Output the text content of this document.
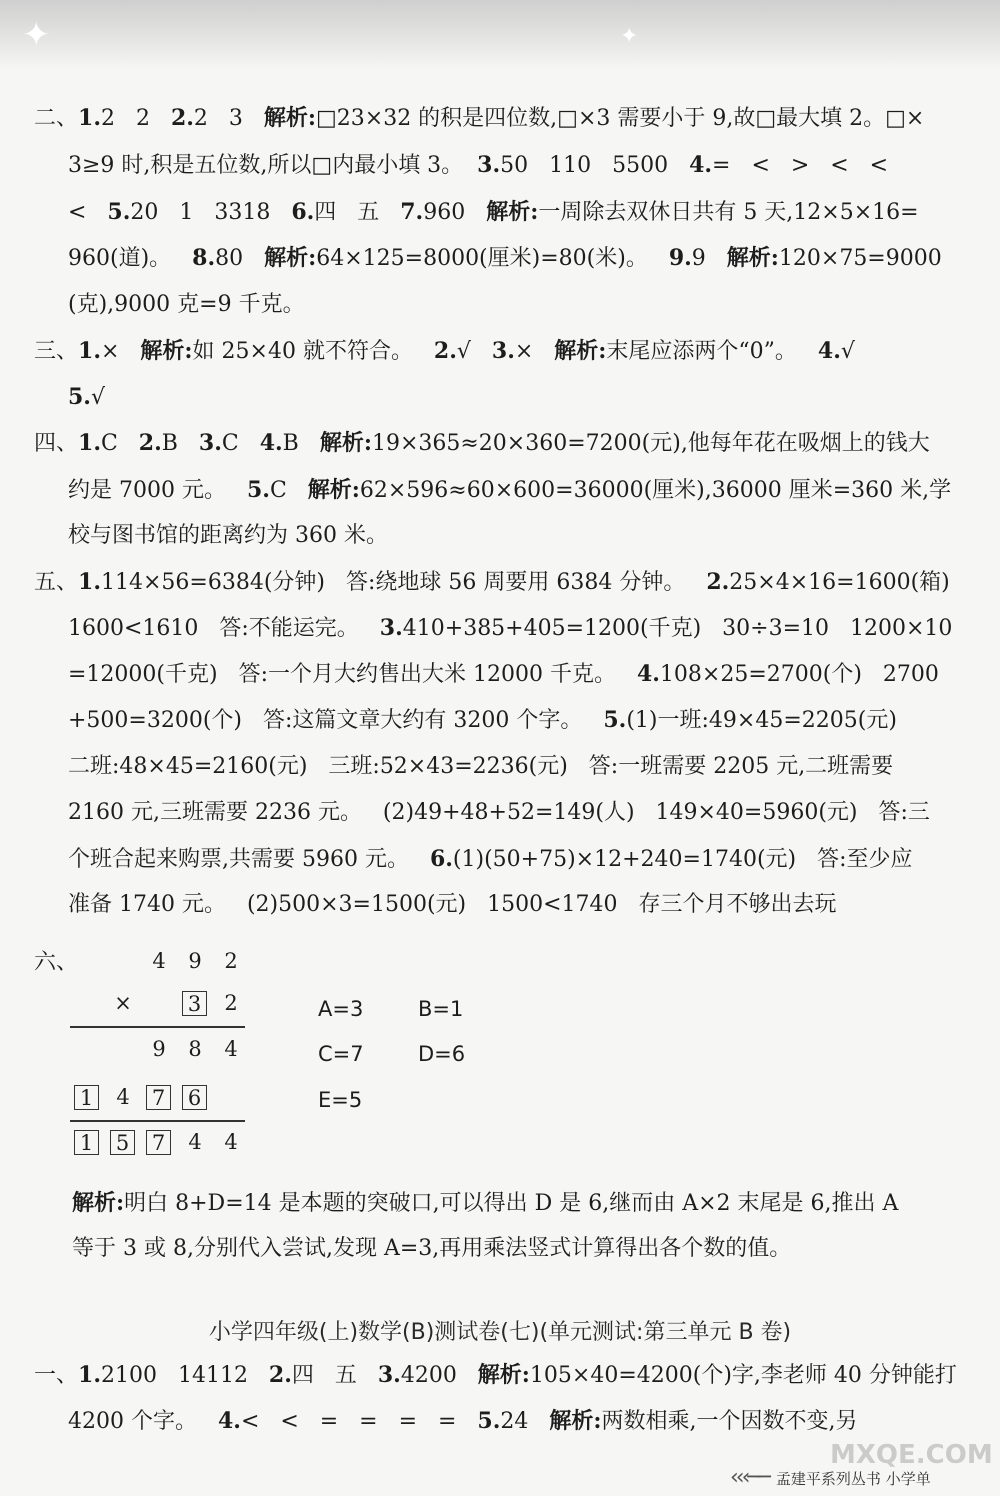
✦	✦
二、1.2   2   2.2   3   解析:□23×32 的积是四位数,□×3 需要小于 9,故□最大填 2。□×
3≥9 时,积是五位数,所以□内最小填 3。  3.50   110   5500   4.=   <   >   <   <
<   5.20   1   3318   6.四   五   7.960   解析:一周除去双休日共有 5 天,12×5×16=
960(道)。   8.80   解析:64×125=8000(厘米)=80(米)。   9.9   解析:120×75=9000
(克),9000 克=9 千克。
三、1.×   解析:如 25×40 就不符合。   2.√   3.×   解析:末尾应添两个“0”。   4.√
5.√
四、1.C   2.B   3.C   4.B   解析:19×365≈20×360=7200(元),他每年花在吸烟上的钱大
约是 7000 元。   5.C   解析:62×596≈60×600=36000(厘米),36000 厘米=360 米,学
校与图书馆的距离约为 360 米。
五、1.114×56=6384(分钟)   答:绕地球 56 周要用 6384 分钟。   2.25×4×16=1600(箱)
1600<1610   答:不能运完。   3.410+385+405=1200(千克)   30÷3=10   1200×10
=12000(千克)   答:一个月大约售出大米 12000 千克。   4.108×25=2700(个)   2700
+500=3200(个)   答:这篇文章大约有 3200 个字。   5.(1)一班:49×45=2205(元)
二班:48×45=2160(元)   三班:52×43=2236(元)   答:一班需要 2205 元,二班需要
2160 元,三班需要 2236 元。   (2)49+48+52=149(人)   149×40=5960(元)   答:三
个班合起来购票,共需要 5960 元。   6.(1)(50+75)×12+240=1740(元)   答:至少应
准备 1740 元。   (2)500×3=1500(元)   1500<1740   存三个月不够出去玩
六、	4	9	2
×	3	2
9	8	4
1	4	7 6
1 5 7	4	4
A=3	B=1
C=7	D=6
E=5
解析:明白 8+D=14 是本题的突破口,可以得出 D 是 6,继而由 A×2 末尾是 6,推出 A
等于 3 或 8,分别代入尝试,发现 A=3,再用乘法竖式计算得出各个数的值。
小学四年级(上)数学(B)测试卷(七)(单元测试:第三单元 B 卷)
一、1.2100   14112   2.四   五   3.4200   解析:105×40=4200(个)字,李老师 40 分钟能打
4200 个字。   4.<   <   =   =   =   =   5.24   解析:两数相乘,一个因数不变,另
MXQE.COM
‹‹‹── 孟建平系列丛书 小学单
